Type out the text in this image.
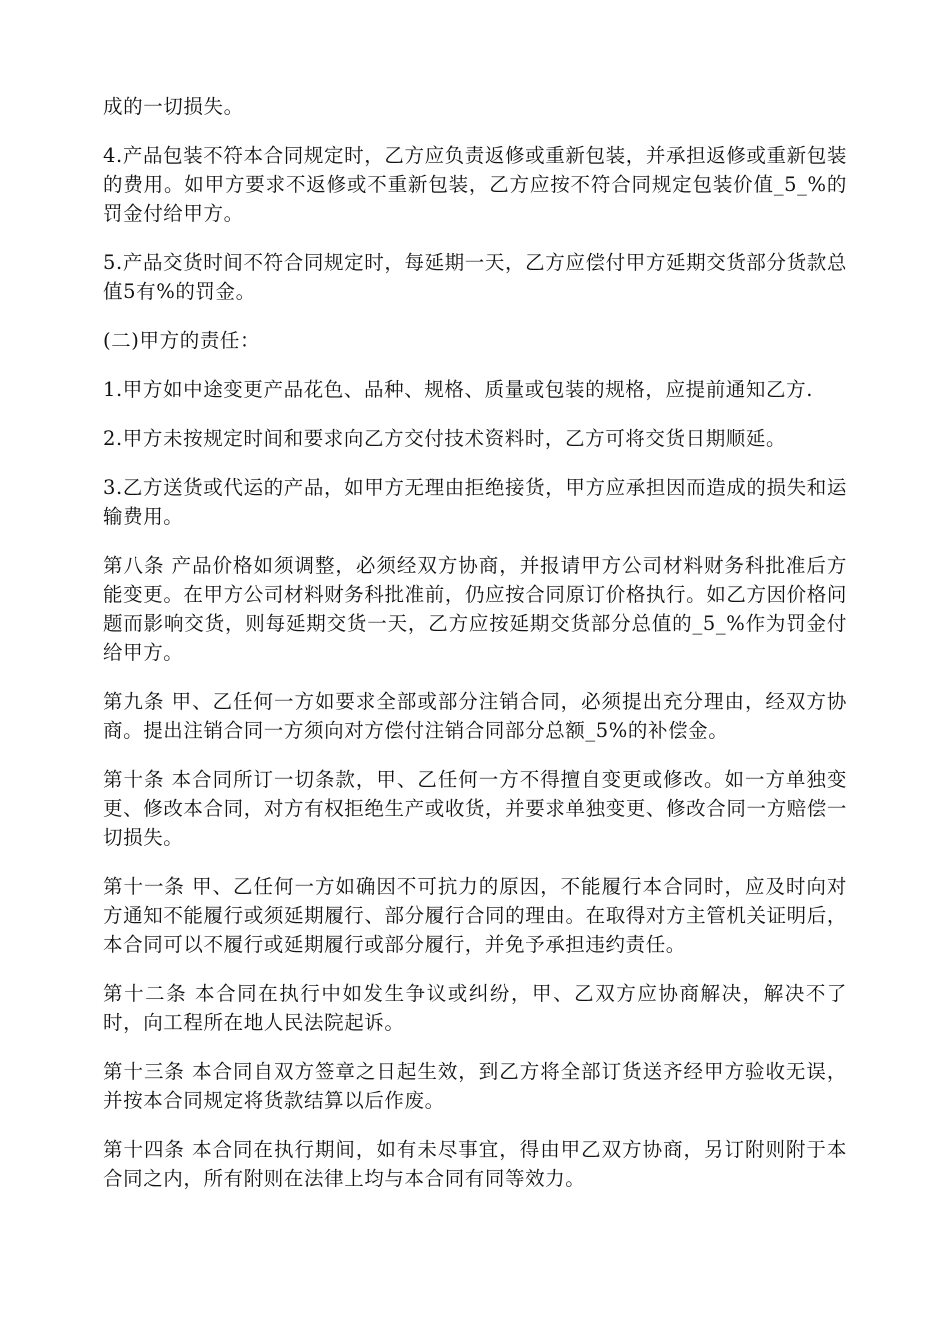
成的一切损失。

4.产品包装不符本合同规定时，乙方应负责返修或重新包装，并承担返修或重新包装的费用。如甲方要求不返修或不重新包装，乙方应按不符合同规定包装价值_5_%的罚金付给甲方。

5.产品交货时间不符合同规定时，每延期一天，乙方应偿付甲方延期交货部分货款总值5有%的罚金。

(二)甲方的责任：

1.甲方如中途变更产品花色、品种、规格、质量或包装的规格，应提前通知乙方.

2.甲方未按规定时间和要求向乙方交付技术资料时，乙方可将交货日期顺延。

3.乙方送货或代运的产品，如甲方无理由拒绝接货，甲方应承担因而造成的损失和运输费用。

第八条 产品价格如须调整，必须经双方协商，并报请甲方公司材料财务科批准后方能变更。在甲方公司材料财务科批准前，仍应按合同原订价格执行。如乙方因价格问题而影响交货，则每延期交货一天，乙方应按延期交货部分总值的_5_%作为罚金付给甲方。

第九条 甲、乙任何一方如要求全部或部分注销合同，必须提出充分理由，经双方协商。提出注销合同一方须向对方偿付注销合同部分总额_5%的补偿金。

第十条 本合同所订一切条款，甲、乙任何一方不得擅自变更或修改。如一方单独变更、修改本合同，对方有权拒绝生产或收货，并要求单独变更、修改合同一方赔偿一切损失。

第十一条 甲、乙任何一方如确因不可抗力的原因，不能履行本合同时，应及时向对方通知不能履行或须延期履行、部分履行合同的理由。在取得对方主管机关证明后，本合同可以不履行或延期履行或部分履行，并免予承担违约责任。

第十二条 本合同在执行中如发生争议或纠纷，甲、乙双方应协商解决，解决不了时，向工程所在地人民法院起诉。

第十三条 本合同自双方签章之日起生效，到乙方将全部订货送齐经甲方验收无误，并按本合同规定将货款结算以后作废。

第十四条 本合同在执行期间，如有未尽事宜，得由甲乙双方协商，另订附则附于本合同之内，所有附则在法律上均与本合同有同等效力。
